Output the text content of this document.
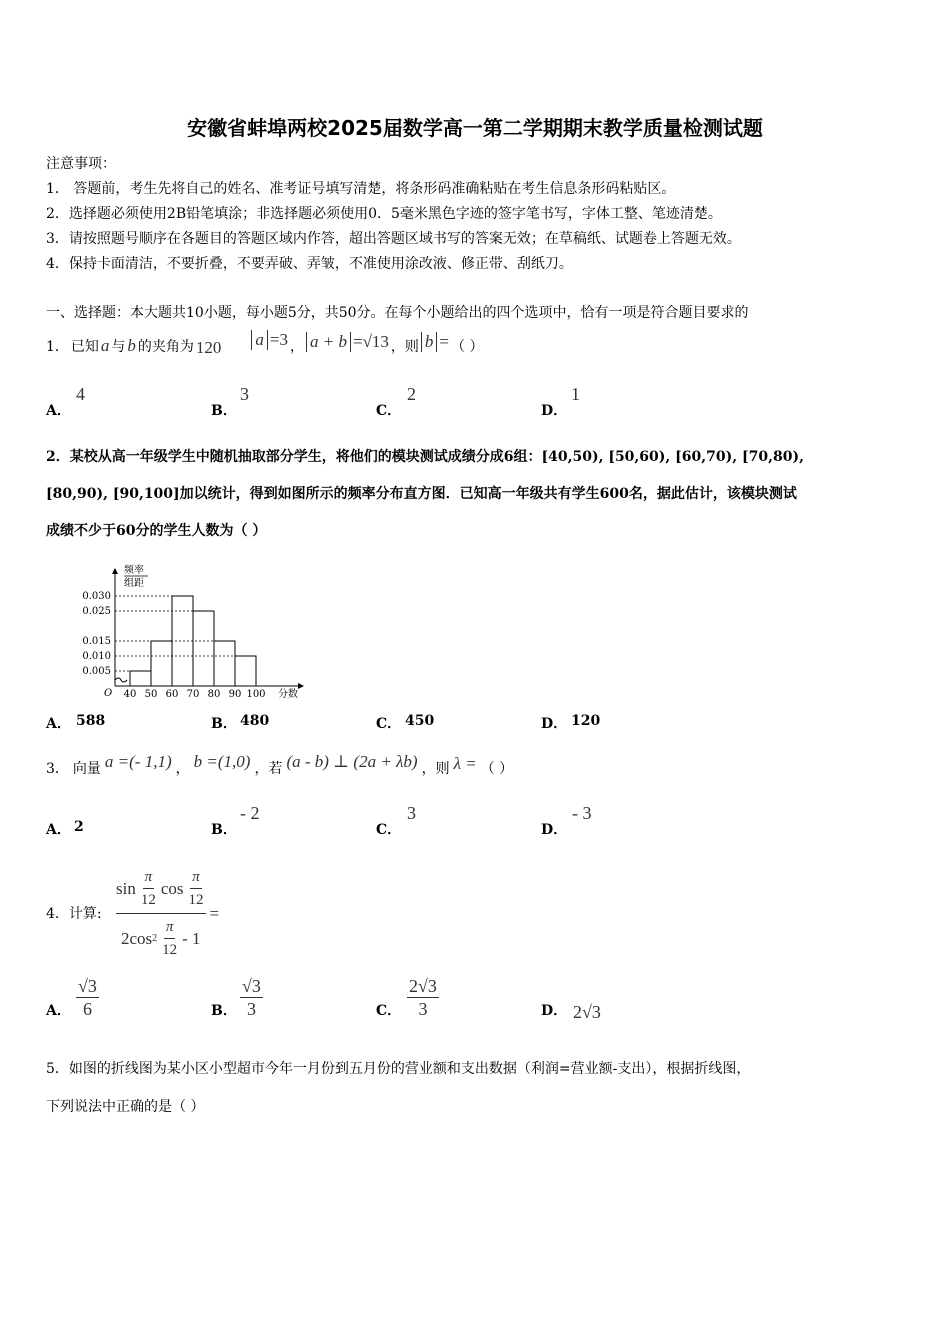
安徽省蚌埠两校2025届数学高一第二学期期末教学质量检测试题
注意事项：
1． 答题前，考生先将自己的姓名、准考证号填写清楚，将条形码准确粘贴在考生信息条形码粘贴区。
2．选择题必须使用2B铅笔填涂；非选择题必须使用0．5毫米黑色字迹的签字笔书写，字体工整、笔迹清楚。
3．请按照题号顺序在各题目的答题区域内作答，超出答题区域书写的答案无效；在草稿纸、试题卷上答题无效。
4．保持卡面清洁，不要折叠，不要弄破、弄皱，不准使用涂改液、修正带、刮纸刀。
一、选择题：本大题共10小题，每小题5分，共50分。在每个小题给出的四个选项中，恰有一项是符合题目要求的
1． 已知 a 与 b 的夹角为 120 a =3 ， a + b =√13 ，则 b = （ ）
A．
4
B．
3
C．
2
D．
1
2．某校从高一年级学生中随机抽取部分学生，将他们的模块测试成绩分成6组：[40,50), [50,60), [60,70), [70,80),
[80,90), [90,100]加以统计，得到如图所示的频率分布直方图．已知高一年级共有学生600名，据此估计，该模块测试
成绩不少于60分的学生人数为（ ）
0.030
0.025
0.015
0.010
0.005
40 50 60 70 80 90 100 分数
O
频率
组距
A． 588	B． 480	C． 450	D． 120
3． 向量 a =(- 1,1) ， b =(1,0) ，若 (a - b) ⊥ (2a + λb) ，则 λ = （ ）
A． 2	B．
- 2
C．
3
D．
- 3
4．计算: $\frac{\sin \frac{\pi}{12} \cos \frac{\pi}{12}}{2\cos 2 \frac{\pi}{12} - 1}$ =
A． $\frac{√3}{6}$	B． $\frac{√3}{3}$	C． $\frac{2√3}{3}$	D． 2√3
5．如图的折线图为某小区小型超市今年一月份到五月份的营业额和支出数据（利润=营业额-支出），根据折线图，
下列说法中正确的是（ ）
